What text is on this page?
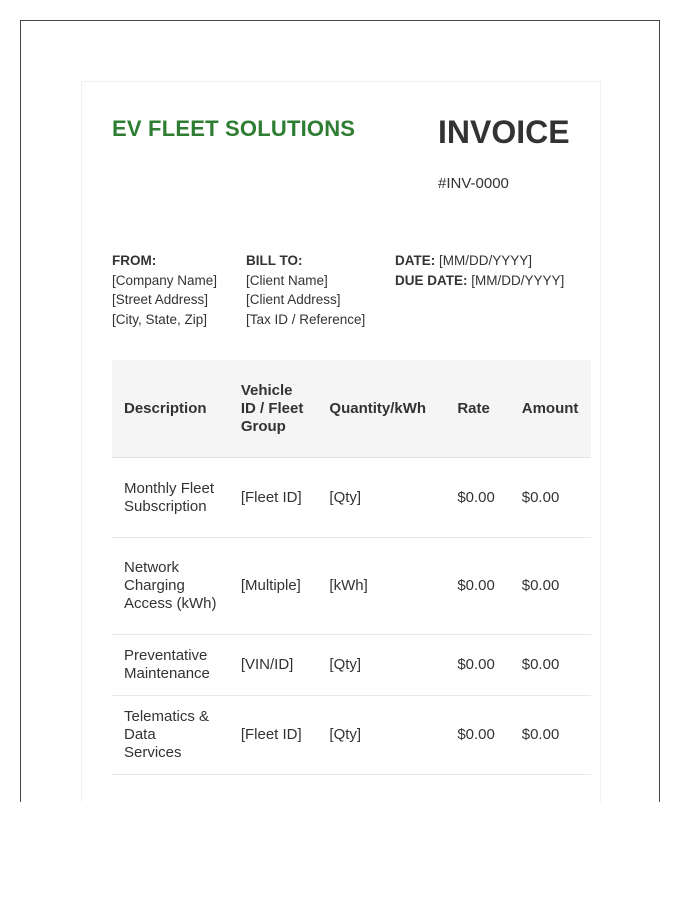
EV FLEET SOLUTIONS	INVOICE
#INV-0000
FROM:
[Company Name]
[Street Address]
[City, State, Zip]
BILL TO:
[Client Name]
[Client Address]
[Tax ID / Reference]
DATE: [MM/DD/YYYY]
DUE DATE: [MM/DD/YYYY]
Description	Vehicle ID / Fleet Group	Quantity/kWh	Rate	Amount
Monthly Fleet Subscription	[Fleet ID]	[Qty]	$0.00	$0.00
Network Charging Access (kWh)	[Multiple]	[kWh]	$0.00	$0.00
Preventative Maintenance	[VIN/ID]	[Qty]	$0.00	$0.00
Telematics & Data Services	[Fleet ID]	[Qty]	$0.00	$0.00
